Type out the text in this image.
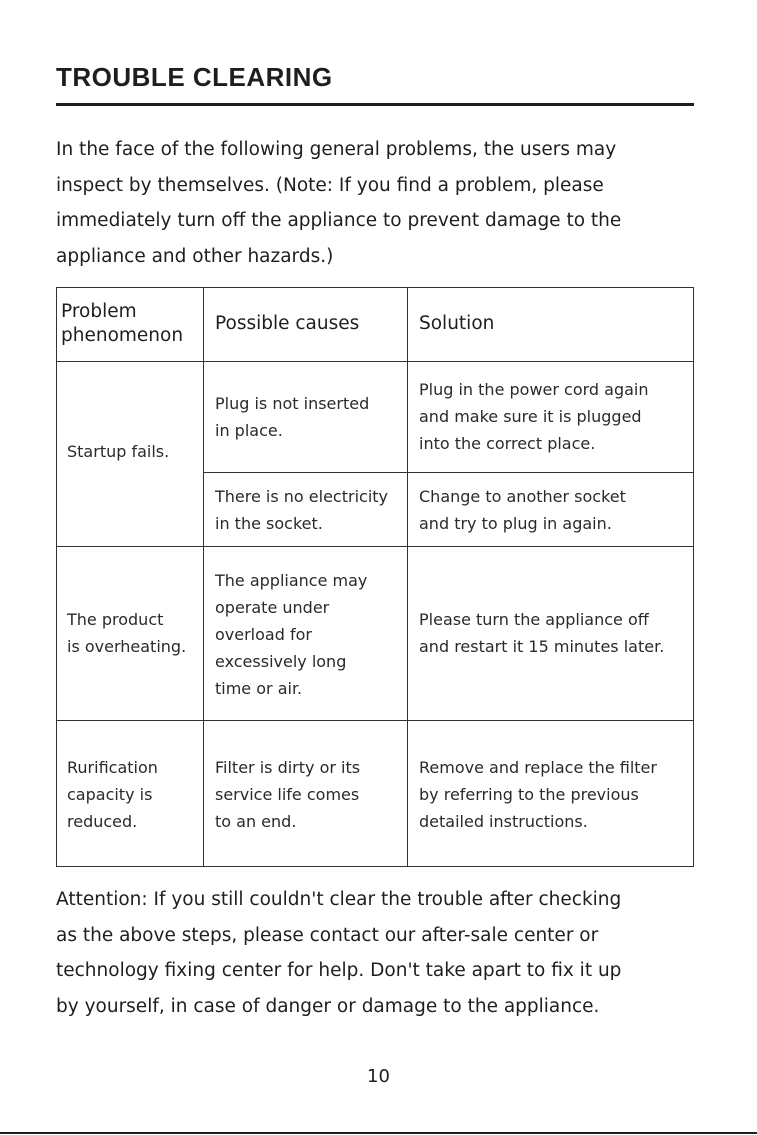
TROUBLE CLEARING
In the face of the following general problems, the users may
inspect by themselves. (Note: If you find a problem, please
immediately turn off the appliance to prevent damage to the
appliance and other hazards.)
Problem
phenomenon
Possible causes	Solution
Startup fails.
Plug is not inserted
in place.
Plug in the power cord again
and make sure it is plugged
into the correct place.
There is no electricity
in the socket.
Change to another socket
and try to plug in again.
The product
is overheating.
The appliance may
operate under
overload for
excessively long
time or air.
Please turn the appliance off
and restart it 15 minutes later.
Rurification
capacity is
reduced.
Filter is dirty or its
service life comes
to an end.
Remove and replace the filter
by referring to the previous
detailed instructions.
Attention: If you still couldn't clear the trouble after checking
as the above steps, please contact our after-sale center or
technology fixing center for help. Don't take apart to fix it up
by yourself, in case of danger or damage to the appliance.
10
